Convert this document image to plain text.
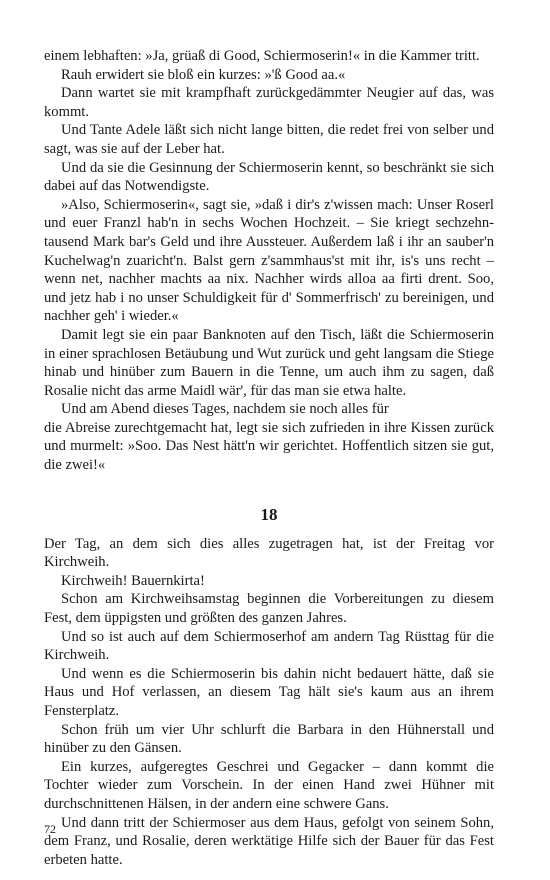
einem lebhaften: »Ja, grüaß di Good, Schiermoserin!« in die Kammer tritt.

Rauh erwidert sie bloß ein kurzes: »'ß Good aa.«

Dann wartet sie mit krampfhaft zurückgedämmter Neugier auf das, was kommt.

Und Tante Adele läßt sich nicht lange bitten, die redet frei von selber und sagt, was sie auf der Leber hat.

Und da sie die Gesinnung der Schiermoserin kennt, so beschränkt sie sich dabei auf das Notwendigste.

»Also, Schiermoserin«, sagt sie, »daß i dir's z'wissen mach: Unser Roserl und euer Franzl hab'n in sechs Wochen Hochzeit. – Sie kriegt sechzehntausend Mark bar's Geld und ihre Aussteuer. Außerdem laß i ihr an sauber'n Kuchelwag'n zuaricht'n. Balst gern z'sammhaus'st mit ihr, is's uns recht – wenn net, nachher machts aa nix. Nachher wirds alloa aa firti drent. Soo, und jetz hab i no unser Schuldigkeit für d' Sommerfrisch' zu bereinigen, und nachher geh' i wieder.«

Damit legt sie ein paar Banknoten auf den Tisch, läßt die Schiermoserin in einer sprachlosen Betäubung und Wut zurück und geht langsam die Stiege hinab und hinüber zum Bauern in die Tenne, um auch ihm zu sagen, daß Rosalie nicht das arme Maidl wär', für das man sie etwa halte.

Und am Abend dieses Tages, nachdem sie noch alles für

die Abreise zurechtgemacht hat, legt sie sich zufrieden in ihre Kissen zurück und murmelt: »Soo. Das Nest hätt'n wir gerichtet. Hoffentlich sitzen sie gut, die zwei!«

18

Der Tag, an dem sich dies alles zugetragen hat, ist der Freitag vor Kirchweih.

Kirchweih! Bauernkirta!

Schon am Kirchweihsamstag beginnen die Vorbereitungen zu diesem Fest, dem üppigsten und größten des ganzen Jahres.

Und so ist auch auf dem Schiermoserhof am andern Tag Rüsttag für die Kirchweih.

Und wenn es die Schiermoserin bis dahin nicht bedauert hätte, daß sie Haus und Hof verlassen, an diesem Tag hält sie's kaum aus an ihrem Fensterplatz.

Schon früh um vier Uhr schlurft die Barbara in den Hühnerstall und hinüber zu den Gänsen.

Ein kurzes, aufgeregtes Geschrei und Gegacker – dann kommt die Tochter wieder zum Vorschein. In der einen Hand zwei Hühner mit durchschnittenen Hälsen, in der andern eine schwere Gans.

Und dann tritt der Schiermoser aus dem Haus, gefolgt von seinem Sohn, dem Franz, und Rosalie, deren werktätige Hilfe sich der Bauer für das Fest erbeten hatte.

72
